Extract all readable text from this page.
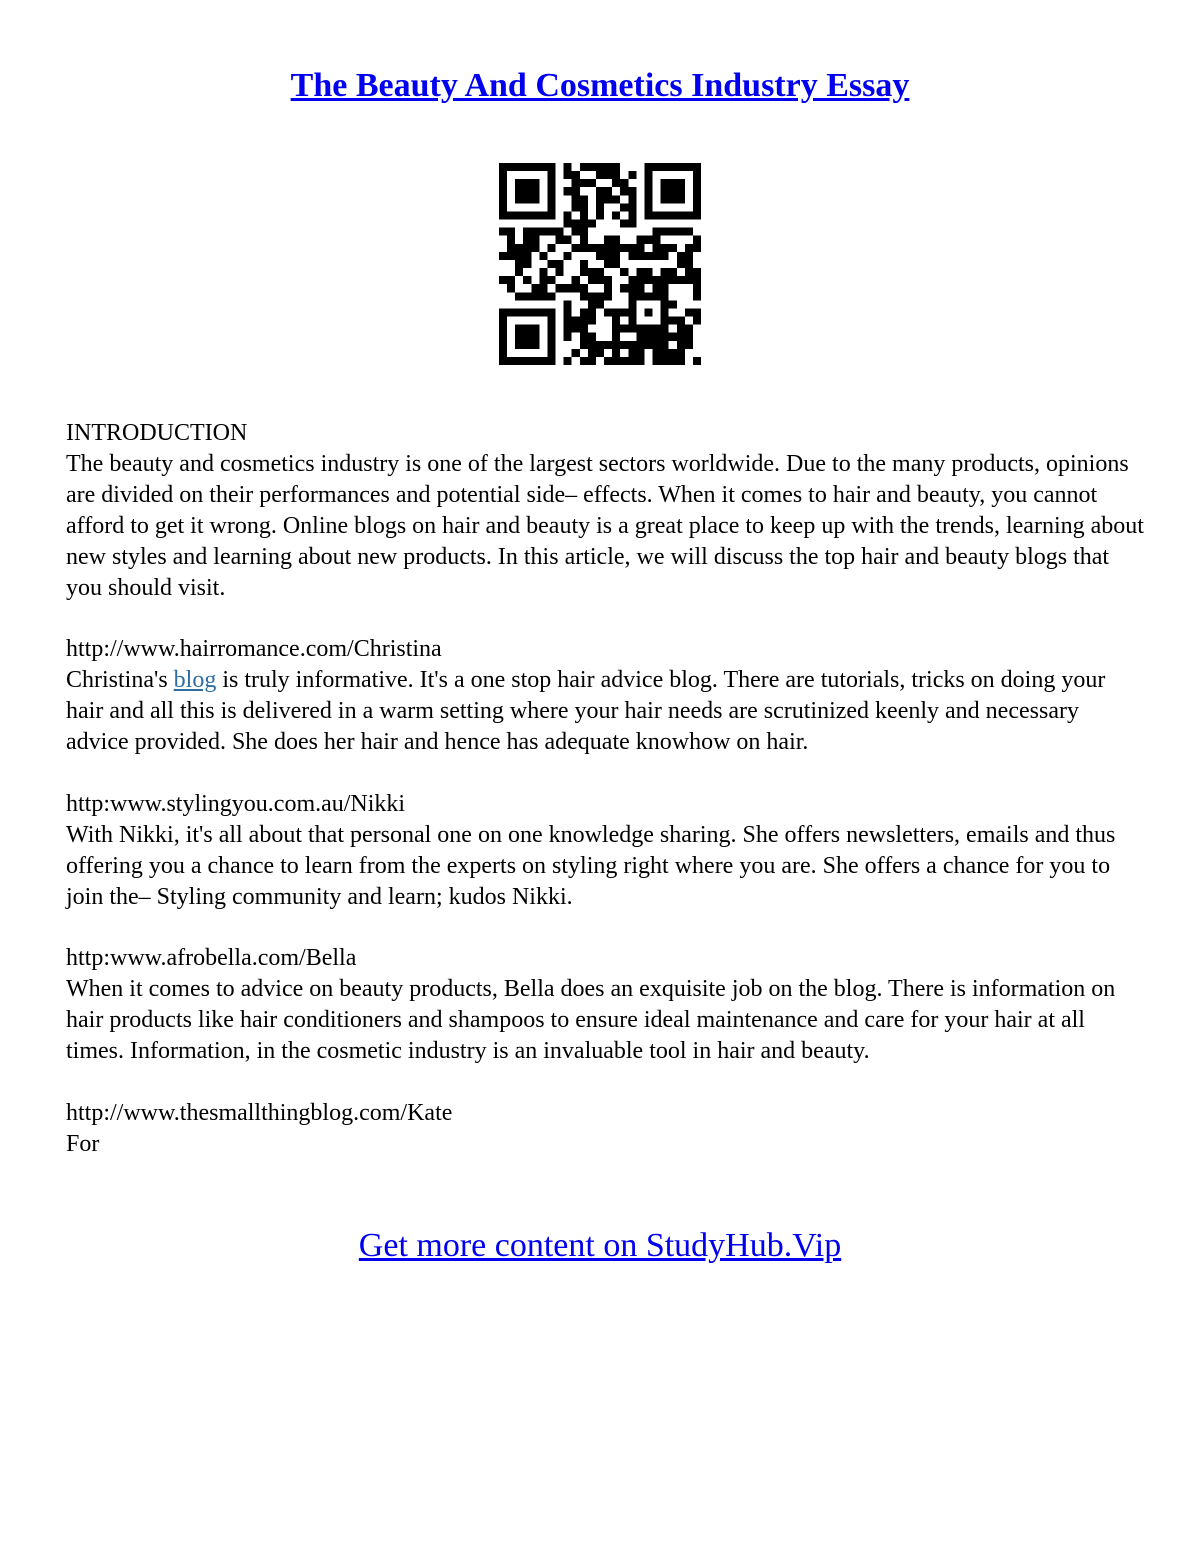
The Beauty And Cosmetics Industry Essay

INTRODUCTION

The beauty and cosmetics industry is one of the largest sectors worldwide. Due to the many products, opinions are divided on their performances and potential side– effects. When it comes to hair and beauty, you cannot afford to get it wrong. Online blogs on hair and beauty is a great place to keep up with the trends, learning about new styles and learning about new products. In this article, we will discuss the top hair and beauty blogs that you should visit.

http://www.hairromance.com/Christina

Christina's blog is truly informative. It's a one stop hair advice blog. There are tutorials, tricks on doing your hair and all this is delivered in a warm setting where your hair needs are scrutinized keenly and necessary advice provided. She does her hair and hence has adequate knowhow on hair.

http:www.stylingyou.com.au/Nikki

With Nikki, it's all about that personal one on one knowledge sharing. She offers newsletters, emails and thus offering you a chance to learn from the experts on styling right where you are. She offers a chance for you to join the– Styling community and learn; kudos Nikki.

http:www.afrobella.com/Bella

When it comes to advice on beauty products, Bella does an exquisite job on the blog. There is information on hair products like hair conditioners and shampoos to ensure ideal maintenance and care for your hair at all times. Information, in the cosmetic industry is an invaluable tool in hair and beauty.

http://www.thesmallthingblog.com/Kate

For

Get more content on StudyHub.Vip
